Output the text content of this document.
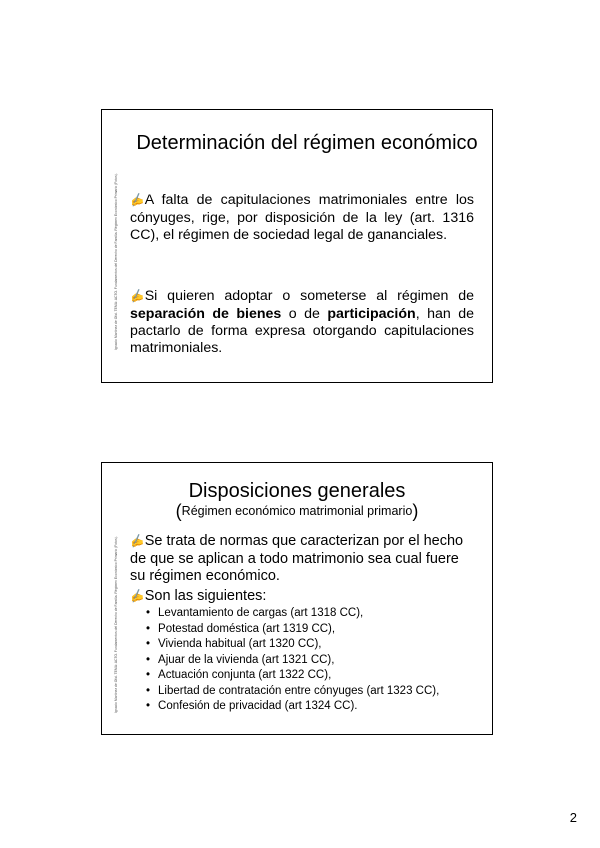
Ignacio Martínez de Olid. TEMA: ACTO. Fundamentos del Derecho de Familia. Régimen Económico Primario (Fotos).
Determinación del régimen económico
✍A falta de capitulaciones matrimoniales entre los cónyuges, rige, por disposición de la ley (art. 1316 CC), el régimen de sociedad legal de gananciales.
✍Si quieren adoptar o someterse al régimen de separación de bienes o de participación, han de pactarlo de forma expresa otorgando capitulaciones matrimoniales.
Ignacio Martínez de Olid. TEMA: ACTO. Fundamentos del Derecho de Familia. Régimen Económico Primario (Fotos).
Disposiciones generales
(Régimen económico matrimonial primario)
✍Se trata de normas que caracterizan por el hecho de que se aplican a todo matrimonio sea cual fuere su régimen económico.
✍Son las siguientes:
• Levantamiento de cargas (art 1318 CC),
• Potestad doméstica (art 1319 CC),
• Vivienda habitual (art 1320 CC),
• Ajuar de la vivienda (art 1321 CC),
• Actuación conjunta (art 1322 CC),
• Libertad de contratación entre cónyuges (art 1323 CC),
• Confesión de privacidad (art 1324 CC).
2
